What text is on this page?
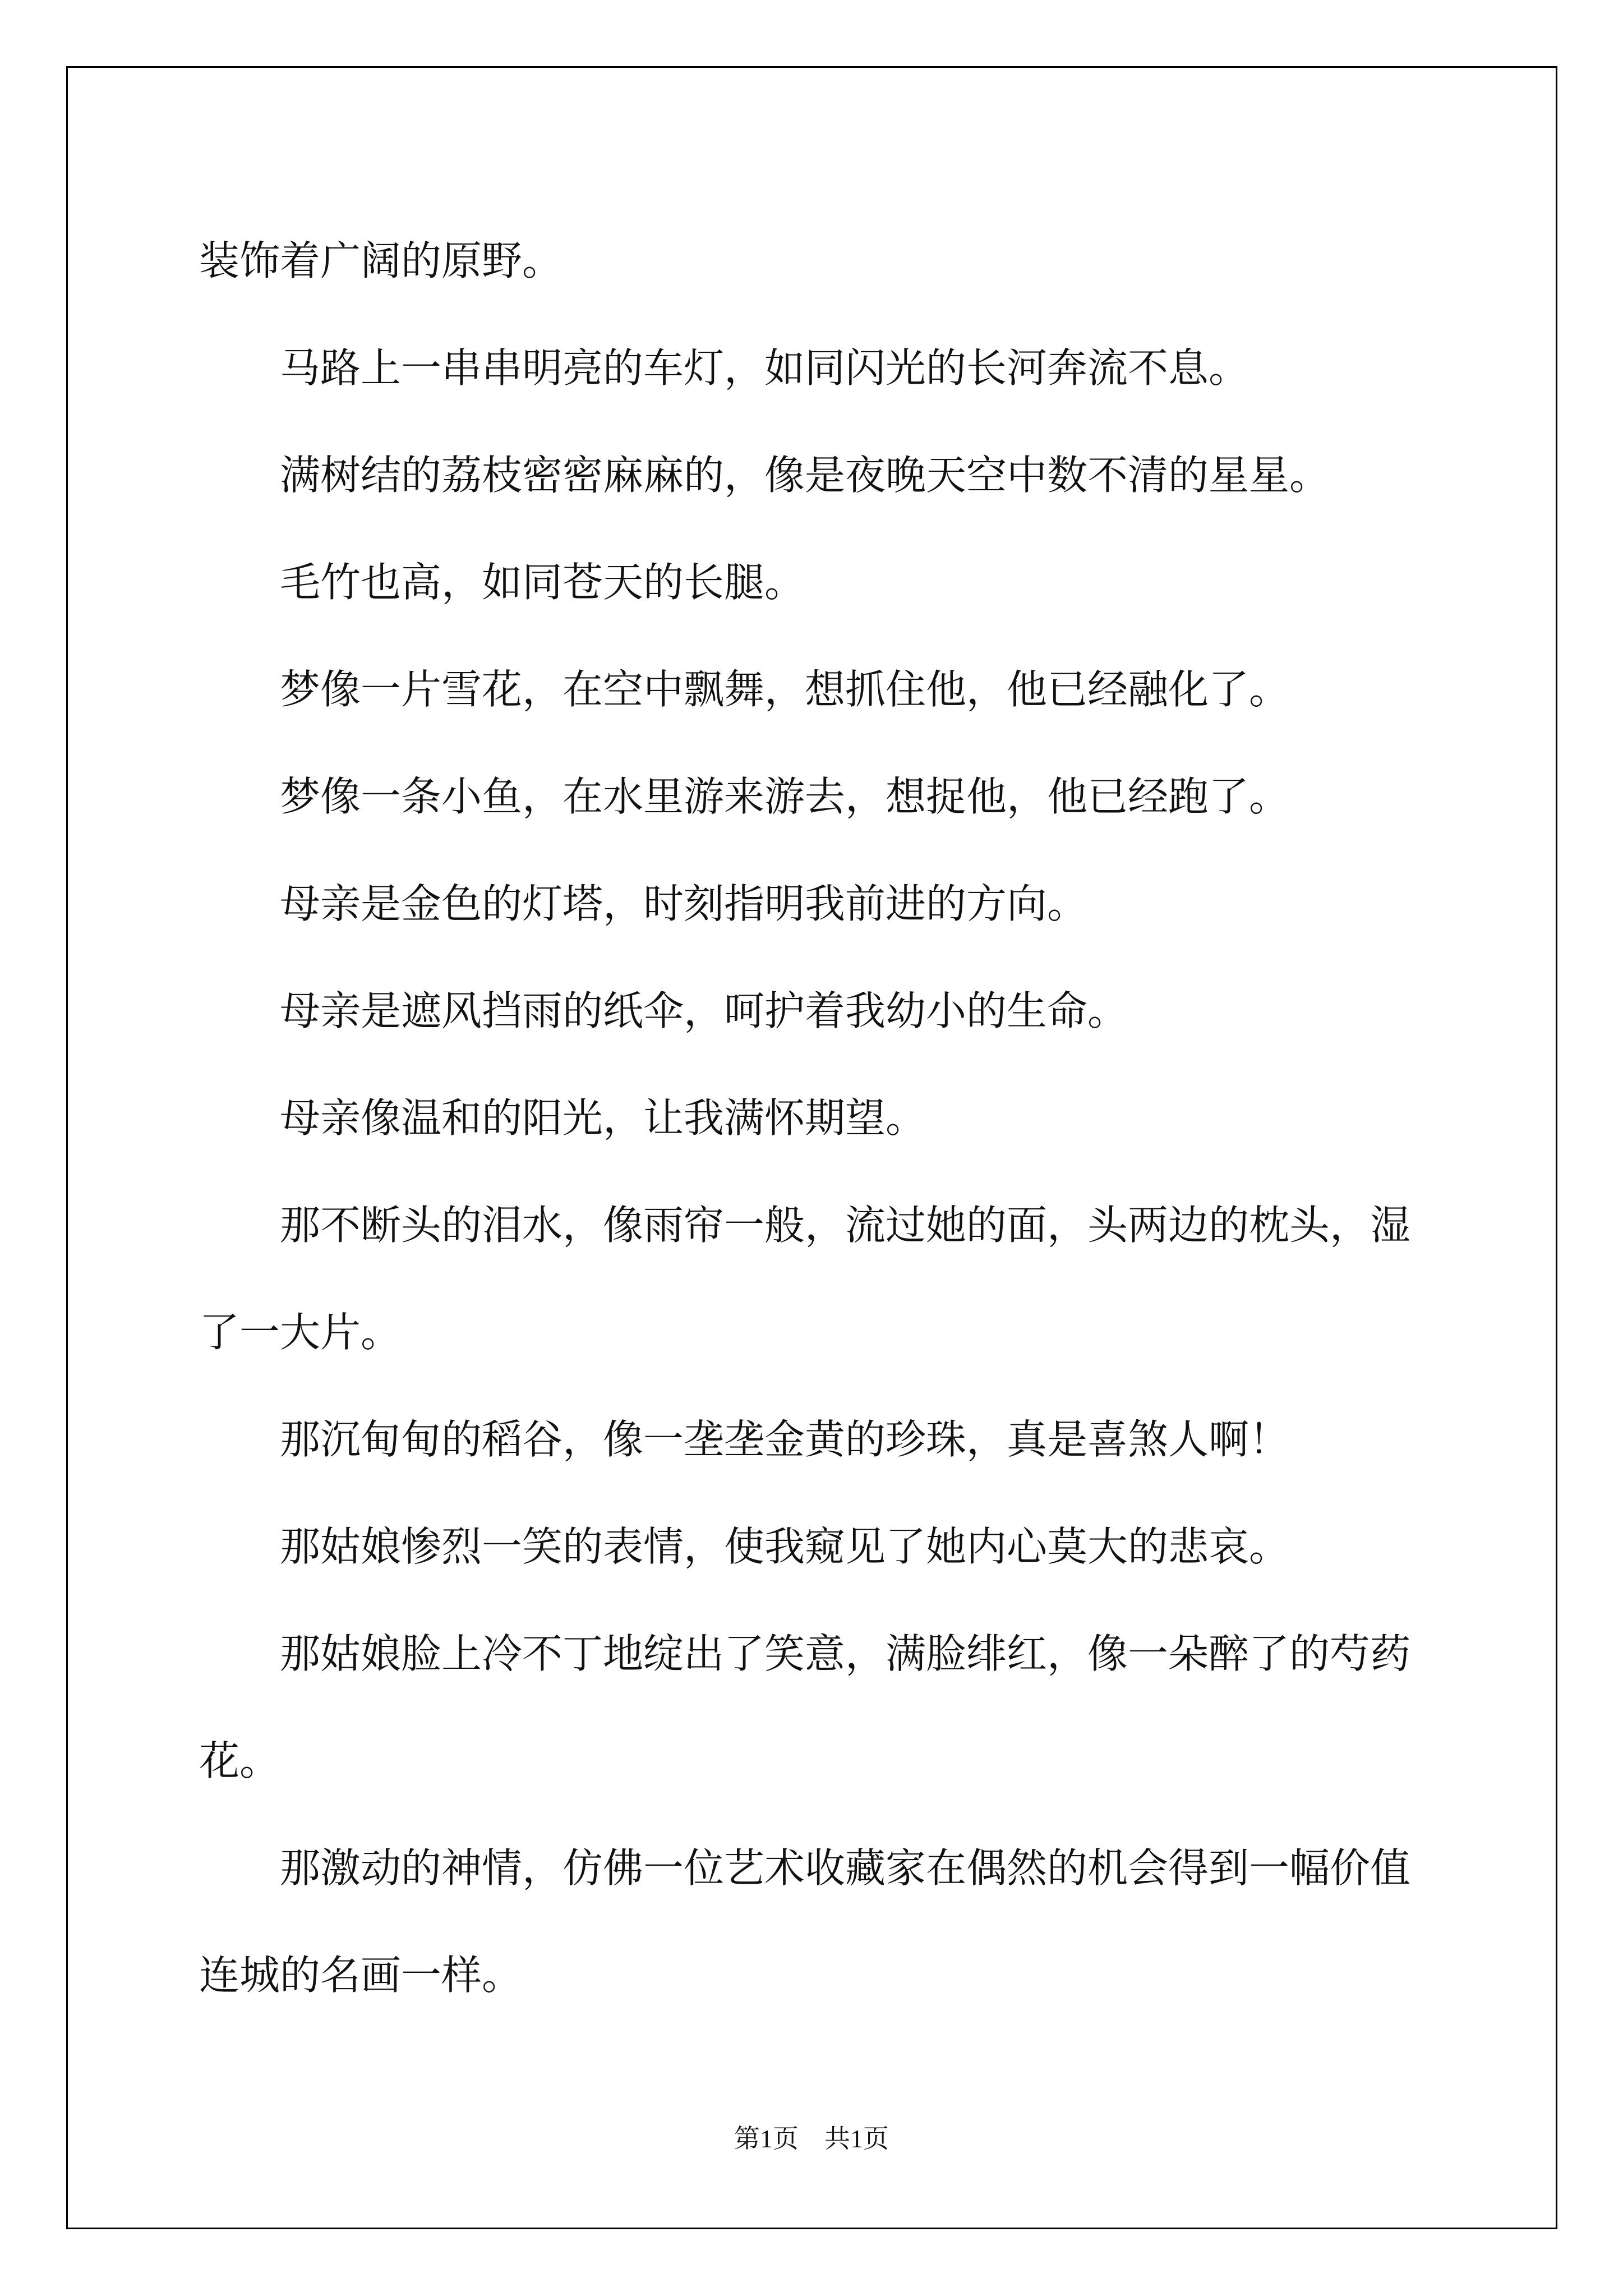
装饰着广阔的原野。

马路上一串串明亮的车灯，如同闪光的长河奔流不息。

满树结的荔枝密密麻麻的，像是夜晚天空中数不清的星星。

毛竹也高，如同苍天的长腿。

梦像一片雪花，在空中飘舞，想抓住他，他已经融化了。

梦像一条小鱼，在水里游来游去，想捉他，他已经跑了。

母亲是金色的灯塔，时刻指明我前进的方向。

母亲是遮风挡雨的纸伞，呵护着我幼小的生命。

母亲像温和的阳光，让我满怀期望。

那不断头的泪水，像雨帘一般，流过她的面，头两边的枕头，湿了一大片。

那沉甸甸的稻谷，像一垄垄金黄的珍珠，真是喜煞人啊！

那姑娘惨烈一笑的表情，使我窥见了她内心莫大的悲哀。

那姑娘脸上冷不丁地绽出了笑意，满脸绯红，像一朵醉了的芍药花。

那激动的神情，仿佛一位艺术收藏家在偶然的机会得到一幅价值连城的名画一样。

第1页　共1页
